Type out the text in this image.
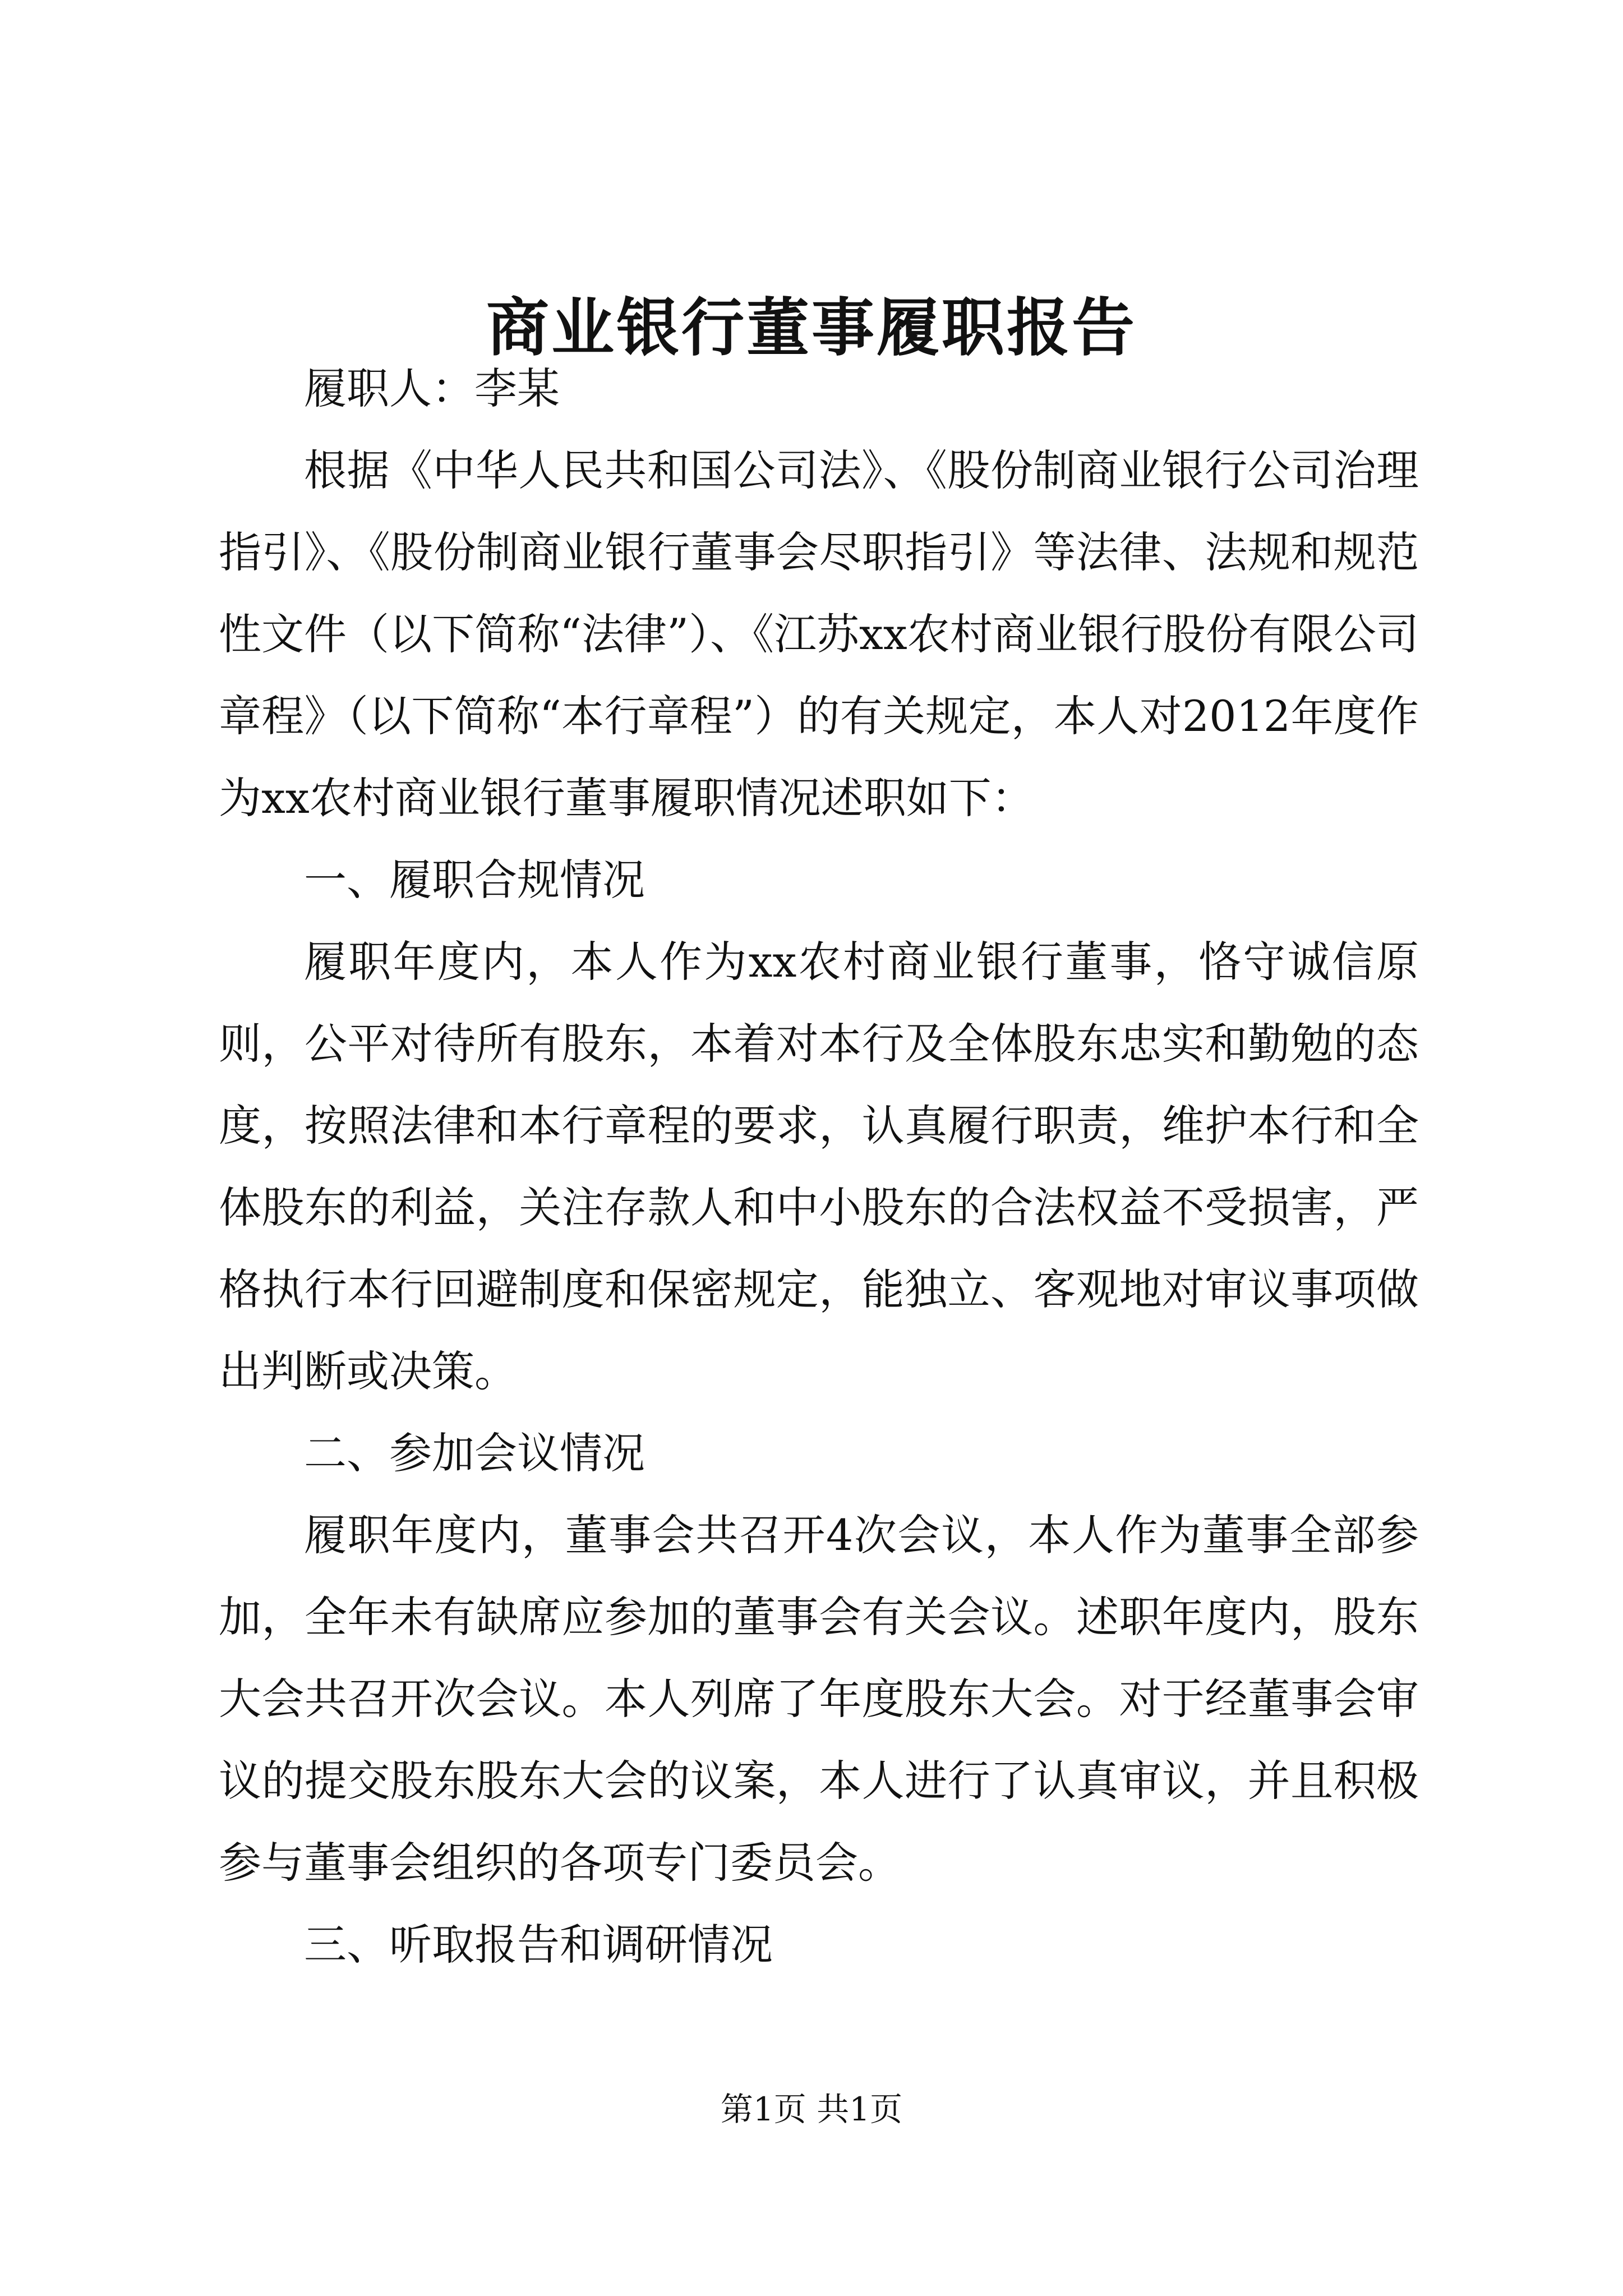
商业银行董事履职报告

履职人：李某

根据《中华人民共和国公司法》、《股份制商业银行公司治理指引》、《股份制商业银行董事会尽职指引》等法律、法规和规范性文件（以下简称“法律”）、《江苏xx农村商业银行股份有限公司章程》（以下简称“本行章程”）的有关规定，本人对2012年度作为xx农村商业银行董事履职情况述职如下：

一、履职合规情况

履职年度内，本人作为xx农村商业银行董事，恪守诚信原则，公平对待所有股东，本着对本行及全体股东忠实和勤勉的态度，按照法律和本行章程的要求，认真履行职责，维护本行和全体股东的利益，关注存款人和中小股东的合法权益不受损害，严格执行本行回避制度和保密规定，能独立、客观地对审议事项做出判断或决策。

二、参加会议情况

履职年度内，董事会共召开4次会议，本人作为董事全部参加，全年未有缺席应参加的董事会有关会议。述职年度内，股东大会共召开次会议。本人列席了年度股东大会。对于经董事会审议的提交股东股东大会的议案，本人进行了认真审议，并且积极参与董事会组织的各项专门委员会。

三、听取报告和调研情况

第1页 共1页
